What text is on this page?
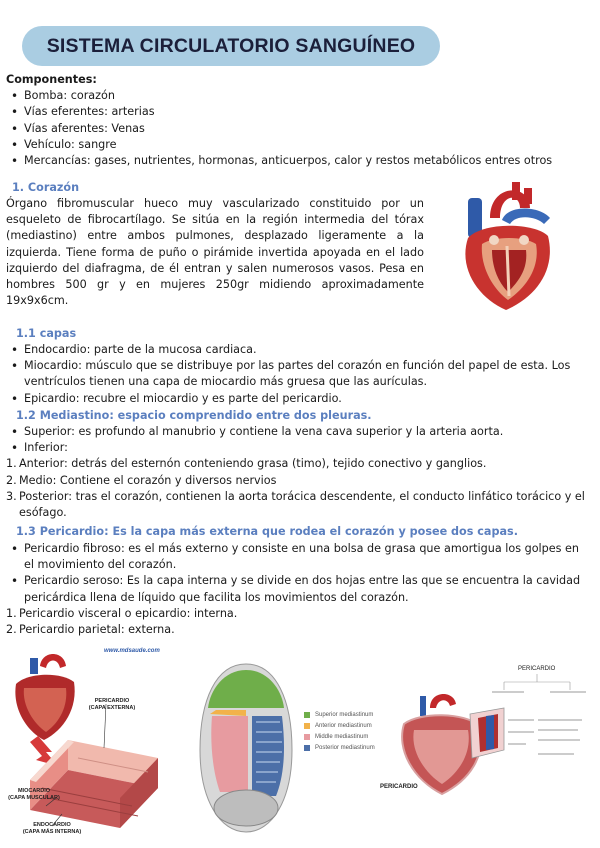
SISTEMA CIRCULATORIO SANGUÍNEO
Componentes:
• Bomba: corazón
• Vías eferentes: arterias
• Vías aferentes: Venas
• Vehículo: sangre
• Mercancías: gases, nutrientes, hormonas, anticuerpos, calor y restos metabólicos entres otros
1. Corazón
Órgano fibromuscular hueco muy vascularizado constituido por un esqueleto de fibrocartílago. Se sitúa en la región intermedia del tórax (mediastino) entre ambos pulmones, desplazado ligeramente a la izquierda. Tiene forma de puño o pirámide invertida apoyada en el lado izquierdo del diafragma, de él entran y salen numerosos vasos. Pesa en hombres 500 gr y en mujeres 250gr midiendo aproximadamente 19x9x6cm.
1.1 capas
• Endocardio: parte de la mucosa cardiaca.
• Miocardio: músculo que se distribuye por las partes del corazón en función del papel de esta. Los ventrículos tienen una capa de miocardio más gruesa que las aurículas.
• Epicardio: recubre el miocardio y es parte del pericardio.
1.2 Mediastino: espacio comprendido entre dos pleuras.
• Superior: es profundo al manubrio y contiene la vena cava superior y la arteria aorta.
• Inferior:
1. Anterior: detrás del esternón conteniendo grasa (timo), tejido conectivo y ganglios.
2. Medio: Contiene el corazón y diversos nervios
3. Posterior: tras el corazón, contienen la aorta torácica descendente, el conducto linfático torácico y el esófago.
1.3 Pericardio: Es la capa más externa que rodea el corazón y posee dos capas.
• Pericardio fibroso: es el más externo y consiste en una bolsa de grasa que amortigua los golpes en el movimiento del corazón.
• Pericardio seroso: Es la capa interna y se divide en dos hojas entre las que se encuentra la cavidad pericárdica llena de líquido que facilita los movimientos del corazón.
1. Pericardio visceral o epicardio: interna.
2. Pericardio parietal: externa.
www.mdsaude.com
PERICARDIO
(CAPA EXTERNA)
MIOCARDIO
(CAPA MUSCULAR)
ENDOCARDIO
(CAPA MÁS INTERNA)
Superior mediastinum
Anterior mediastinum
Middle mediastinum
Posterior mediastinum
PERICARDIO
PERICARDIO
